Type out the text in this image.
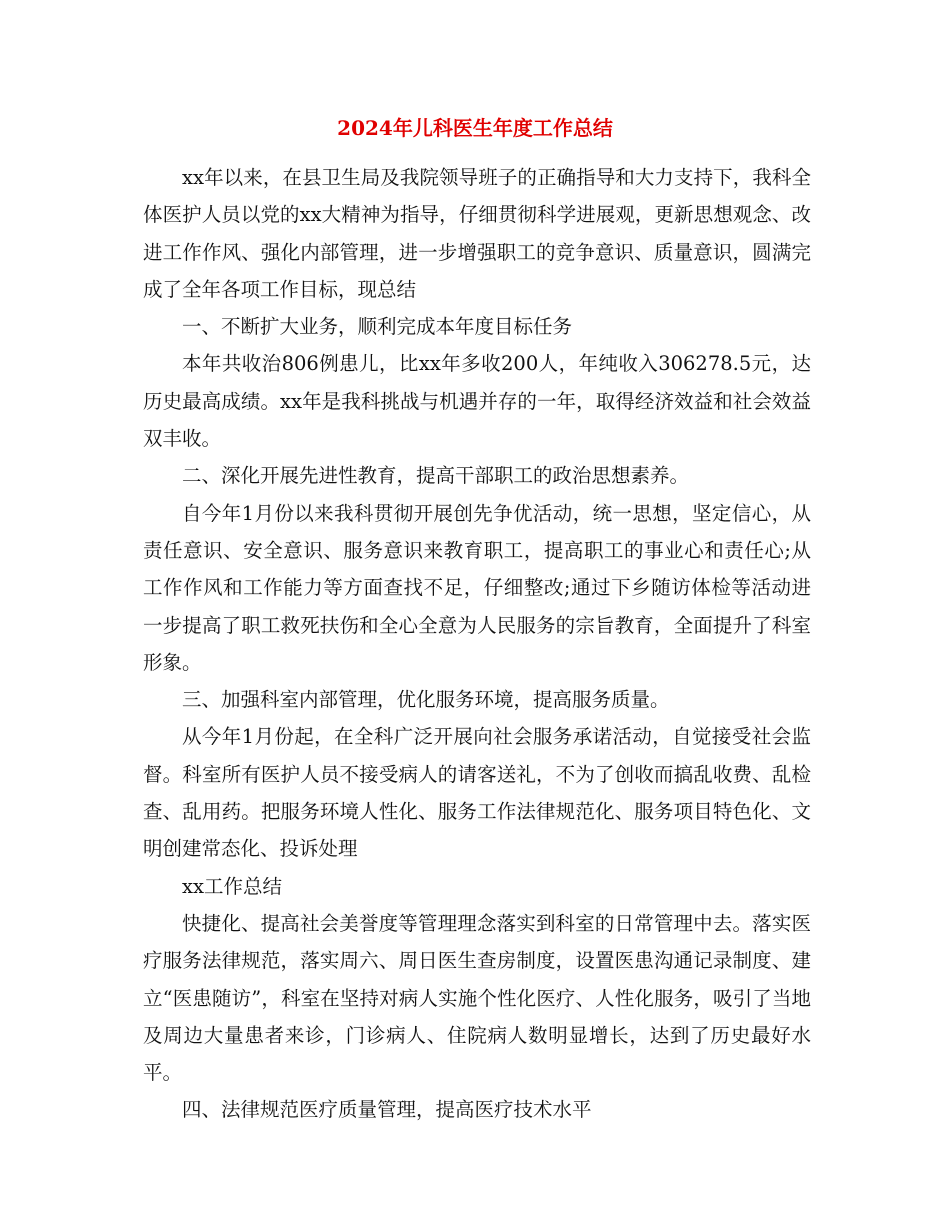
2024年儿科医生年度工作总结

xx年以来，在县卫生局及我院领导班子的正确指导和大力支持下，我科全体医护人员以党的xx大精神为指导，仔细贯彻科学进展观，更新思想观念、改进工作作风、强化内部管理，进一步增强职工的竞争意识、质量意识，圆满完成了全年各项工作目标，现总结

一、不断扩大业务，顺利完成本年度目标任务

本年共收治806例患儿，比xx年多收200人，年纯收入306278.5元，达历史最高成绩。xx年是我科挑战与机遇并存的一年，取得经济效益和社会效益双丰收。

二、深化开展先进性教育，提高干部职工的政治思想素养。

自今年1月份以来我科贯彻开展创先争优活动，统一思想，坚定信心，从责任意识、安全意识、服务意识来教育职工，提高职工的事业心和责任心;从工作作风和工作能力等方面查找不足，仔细整改;通过下乡随访体检等活动进一步提高了职工救死扶伤和全心全意为人民服务的宗旨教育，全面提升了科室形象。

三、加强科室内部管理，优化服务环境，提高服务质量。

从今年1月份起，在全科广泛开展向社会服务承诺活动，自觉接受社会监督。科室所有医护人员不接受病人的请客送礼，不为了创收而搞乱收费、乱检查、乱用药。把服务环境人性化、服务工作法律规范化、服务项目特色化、文明创建常态化、投诉处理

xx工作总结

快捷化、提高社会美誉度等管理理念落实到科室的日常管理中去。落实医疗服务法律规范，落实周六、周日医生查房制度，设置医患沟通记录制度、建立“医患随访”，科室在坚持对病人实施个性化医疗、人性化服务，吸引了当地及周边大量患者来诊，门诊病人、住院病人数明显增长，达到了历史最好水平。

四、法律规范医疗质量管理，提高医疗技术水平
